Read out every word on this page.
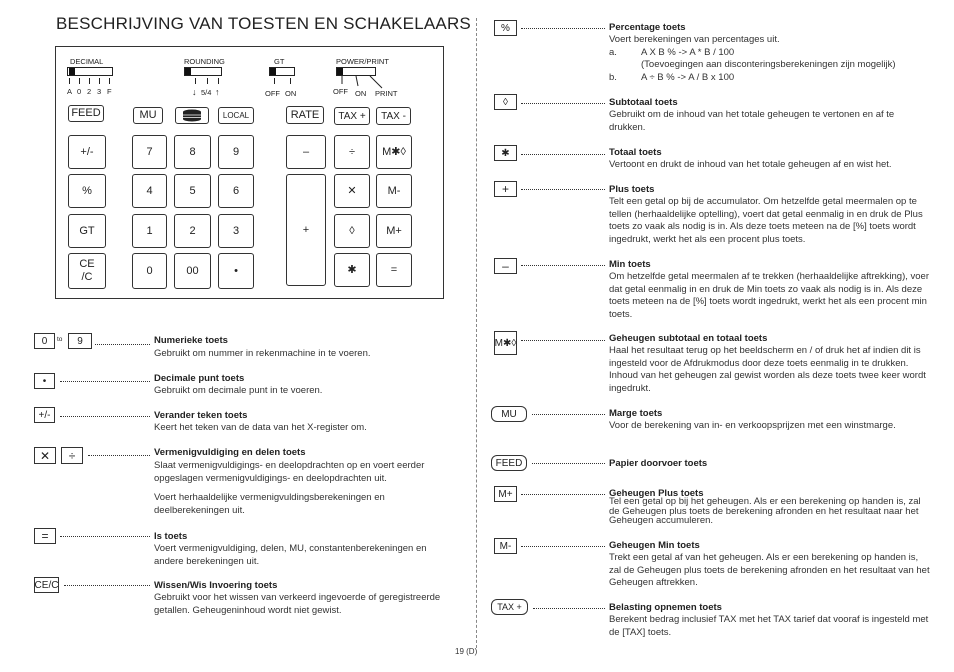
BESCHRIJVING VAN TOESTEN EN SCHAKELAARS
DECIMAL
A 0 2 3 F
ROUNDING
↓ 5/4 ↑
GT
OFF ON
POWER/PRINT
OFF ON PRINT
FEED	MU	LOCAL	RATE	TAX +	TAX -
+/-
%
GT
CE
/C
7	8	9
4	5	6
1	2	3
0	00	•
–
+
÷	M✱◊
✕	M-
◊	M+
✱	=
0	to	9	Numerieke toets
Gebruikt om nummer in rekenmachine in te voeren.
•	Decimale punt toets
Gebruikt om decimale punt in te voeren.
+/-	Verander teken toets
Keert het teken van de data van het X-register om.
✕	÷	Vermenigvuldiging en delen toets
Slaat vermenigvuldigings- en deelopdrachten op en voert eerder opgeslagen vermenigvuldigings- en deelopdrachten uit.
Voert herhaaldelijke vermenigvuldingsberekeningen en deelberekeningen uit.
=	Is toets
Voert vermenigvuldiging, delen, MU, constantenberekeningen en andere berekeningen uit.
CE/C	Wissen/Wis Invoering toets
Gebruikt voor het wissen van verkeerd ingevoerde of geregistreerde getallen. Geheugeninhoud wordt niet gewist.
%	Percentage toets

Voert berekeningen van percentages uit.

a.	A X B % -> A * B / 100

(Toevoegingen aan disconteringsberekeningen zijn mogelijk)

b.	A ÷ B % -> A / B x 100

◊	Subtotaal toets
Gebruikt om de inhoud van het totale geheugen te vertonen en af te drukken.
✱	Totaal toets
Vertoont en drukt de inhoud van het totale geheugen af en wist het.
+	Plus toets
Telt een getal op bij de accumulator. Om hetzelfde getal meermalen op te tellen (herhaaldelijke optelling), voert dat getal eenmalig in en druk de Plus toets zo vaak als nodig is in. Als deze toets meteen na de [%] toets wordt ingedrukt, werkt het als een procent plus toets.
–	Min toets
Om hetzelfde getal meermalen af te trekken (herhaaldelijke aftrekking), voer dat getal eenmalig in en druk de Min toets zo vaak als nodig is in. Als deze toets meteen na de [%] toets wordt ingedrukt, werkt het als een procent min toets.
M✱◊	Geheugen subtotaal en totaal toets
Haal het resultaat terug op het beeldscherm en / of druk het af indien dit is ingesteld voor de Afdrukmodus door deze toets eenmalig in te drukken. Inhoud van het geheugen zal gewist worden als deze toets twee keer wordt ingedrukt.
MU	Marge toets
Voor de berekening van in- en verkoopsprijzen met een winstmarge.
FEED	Papier doorvoer toets
M+	Geheugen Plus toets
Tel een getal op bij het geheugen. Als er een berekening op handen is, zal de Geheugen plus toets de berekening afronden en het resultaat naar het Geheugen accumuleren.
M-	Geheugen Min toets
Trekt een getal af van het geheugen. Als er een berekening op handen is, zal de Geheugen plus toets de berekening afronden en het resultaat van het Geheugen aftrekken.
TAX +	Belasting opnemen toets
Berekent bedrag inclusief TAX met het TAX tarief dat vooraf is ingesteld met de [TAX] toets.
19 (D)
